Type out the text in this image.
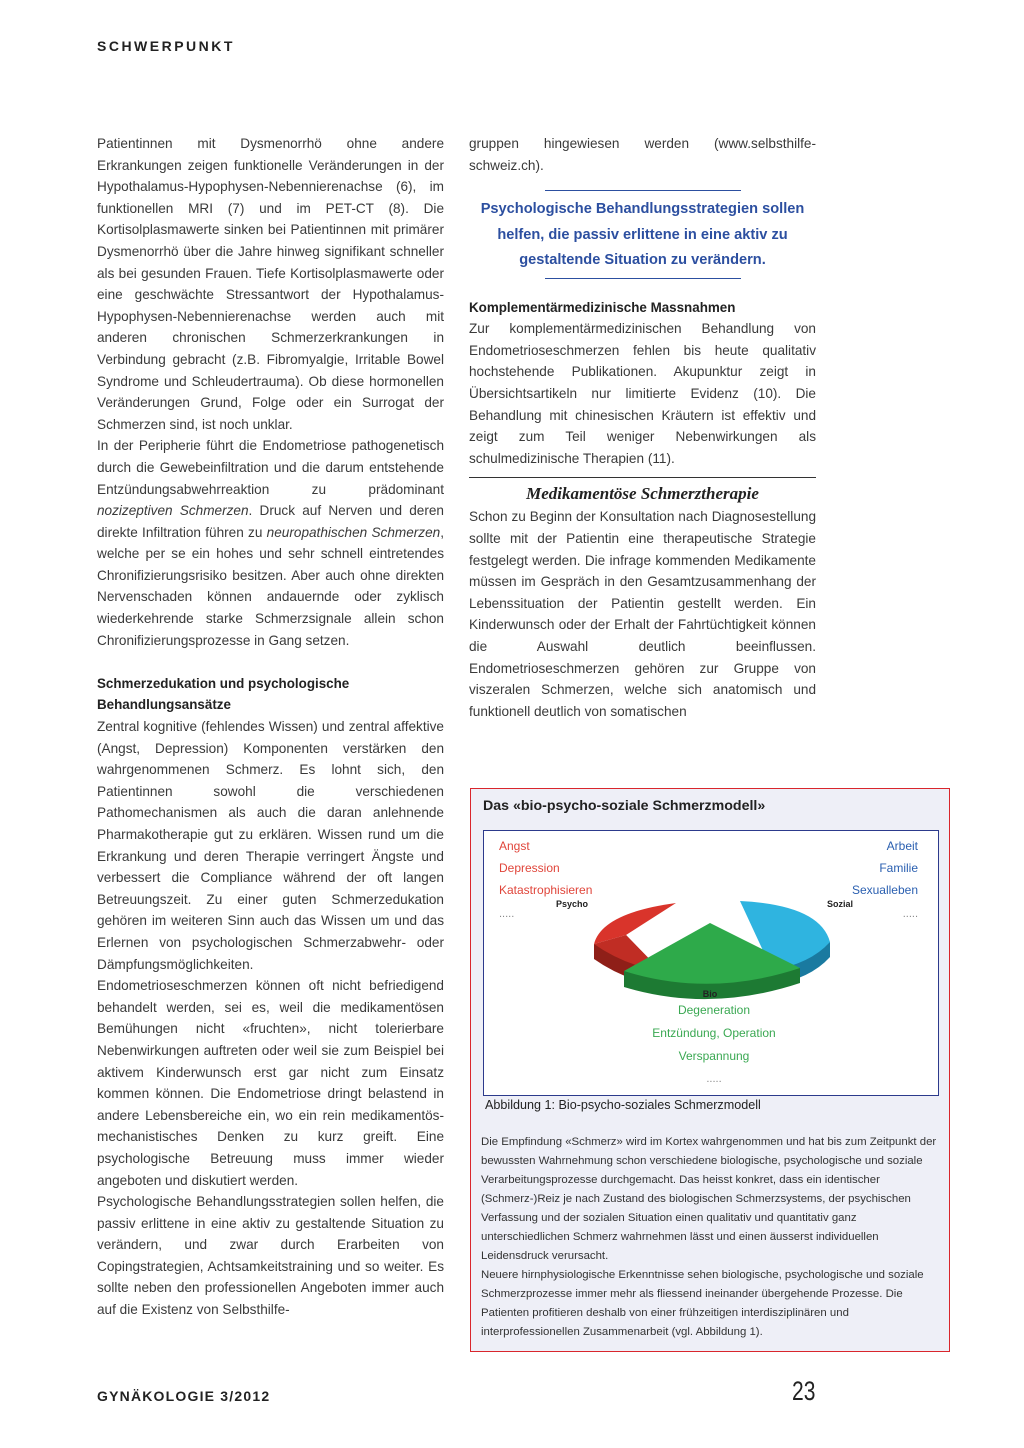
SCHWERPUNKT

Patientinnen mit Dysmenorrhö ohne andere Erkrankungen zeigen funktionelle Veränderungen in der Hypothalamus-Hypophysen-Nebennierenachse (6), im funktionellen MRI (7) und im PET-CT (8). Die Kortisolplasmawerte sinken bei Patientinnen mit primärer Dysmenorrhö über die Jahre hinweg signifikant schneller als bei gesunden Frauen. Tiefe Kortisolplasmawerte oder eine geschwächte Stressantwort der Hypothalamus-Hypophysen-Nebennierenachse werden auch mit anderen chronischen Schmerzerkrankungen in Verbindung gebracht (z.B. Fibromyalgie, Irritable Bowel Syndrome und Schleudertrauma). Ob diese hormonellen Veränderungen Grund, Folge oder ein Surrogat der Schmerzen sind, ist noch unklar.

In der Peripherie führt die Endometriose pathogenetisch durch die Gewebeinfiltration und die darum entstehende Entzündungsabwehrreaktion zu prädominant nozizeptiven Schmerzen. Druck auf Nerven und deren direkte Infiltration führen zu neuropathischen Schmerzen, welche per se ein hohes und sehr schnell eintretendes Chronifizierungsrisiko besitzen. Aber auch ohne direkten Nervenschaden können andauernde oder zyklisch wiederkehrende starke Schmerzsignale allein schon Chronifizierungsprozesse in Gang setzen.

Schmerzedukation und psychologische Behandlungsansätze

Zentral kognitive (fehlendes Wissen) und zentral affektive (Angst, Depression) Komponenten verstärken den wahrgenommenen Schmerz. Es lohnt sich, den Patientinnen sowohl die verschiedenen Pathomechanismen als auch die daran anlehnende Pharmakotherapie gut zu erklären. Wissen rund um die Erkrankung und deren Therapie verringert Ängste und verbessert die Compliance während der oft langen Betreuungszeit. Zu einer guten Schmerzedukation gehören im weiteren Sinn auch das Wissen um und das Erlernen von psychologischen Schmerzabwehr- oder Dämpfungsmöglichkeiten.

Endometrioseschmerzen können oft nicht befriedigend behandelt werden, sei es, weil die medikamentösen Bemühungen nicht «fruchten», nicht tolerierbare Nebenwirkungen auftreten oder weil sie zum Beispiel bei aktivem Kinderwunsch erst gar nicht zum Einsatz kommen können. Die Endometriose dringt belastend in andere Lebensbereiche ein, wo ein rein medikamentös-mechanistisches Denken zu kurz greift. Eine psychologische Betreuung muss immer wieder angeboten und diskutiert werden.

Psychologische Behandlungsstrategien sollen helfen, die passiv erlittene in eine aktiv zu gestaltende Situation zu verändern, und zwar durch Erarbeiten von Copingstrategien, Achtsamkeitstraining und so weiter. Es sollte neben den professionellen Angeboten immer auch auf die Existenz von Selbsthilfe-

gruppen hingewiesen werden (www.selbsthilfe-schweiz.ch).

Psychologische Behandlungsstrategien sollen helfen, die passiv erlittene in eine aktiv zu gestaltende Situation zu verändern.

Komplementärmedizinische Massnahmen

Zur komplementärmedizinischen Behandlung von Endometrioseschmerzen fehlen bis heute qualitativ hochstehende Publikationen. Akupunktur zeigt in Übersichtsartikeln nur limitierte Evidenz (10). Die Behandlung mit chinesischen Kräutern ist effektiv und zeigt zum Teil weniger Nebenwirkungen als schulmedizinische Therapien (11).

Medikamentöse Schmerztherapie

Schon zu Beginn der Konsultation nach Diagnosestellung sollte mit der Patientin eine therapeutische Strategie festgelegt werden. Die infrage kommenden Medikamente müssen im Gespräch in den Gesamtzusammenhang der Lebenssituation der Patientin gestellt werden. Ein Kinderwunsch oder der Erhalt der Fahrtüchtigkeit können die Auswahl deutlich beeinflussen. Endometrioseschmerzen gehören zur Gruppe von viszeralen Schmerzen, welche sich anatomisch und funktionell deutlich von somatischen

Das «bio-psycho-soziale Schmerzmodell»
Angst
Depression
Katastrophisieren
.....
Arbeit
Familie
Sexualleben
.....
Degeneration
Entzündung, Operation
Verspannung
.....
Psycho	Sozial
Bio
Abbildung 1: Bio-psycho-soziales Schmerzmodell

Die Empfindung «Schmerz» wird im Kortex wahrgenommen und hat bis zum Zeitpunkt der bewussten Wahrnehmung schon verschiedene biologische, psychologische und soziale Verarbeitungsprozesse durchgemacht. Das heisst konkret, dass ein identischer (Schmerz-)Reiz je nach Zustand des biologischen Schmerzsystems, der psychischen Verfassung und der sozialen Situation einen qualitativ und quantitativ ganz unterschiedlichen Schmerz wahrnehmen lässt und einen äusserst individuellen Leidensdruck verursacht.

Neuere hirnphysiologische Erkenntnisse sehen biologische, psychologische und soziale Schmerzprozesse immer mehr als fliessend ineinander übergehende Prozesse. Die Patienten profitieren deshalb von einer frühzeitigen interdisziplinären und interprofessionellen Zusammenarbeit (vgl. Abbildung 1).

GYNÄKOLOGIE 3/2012	23
